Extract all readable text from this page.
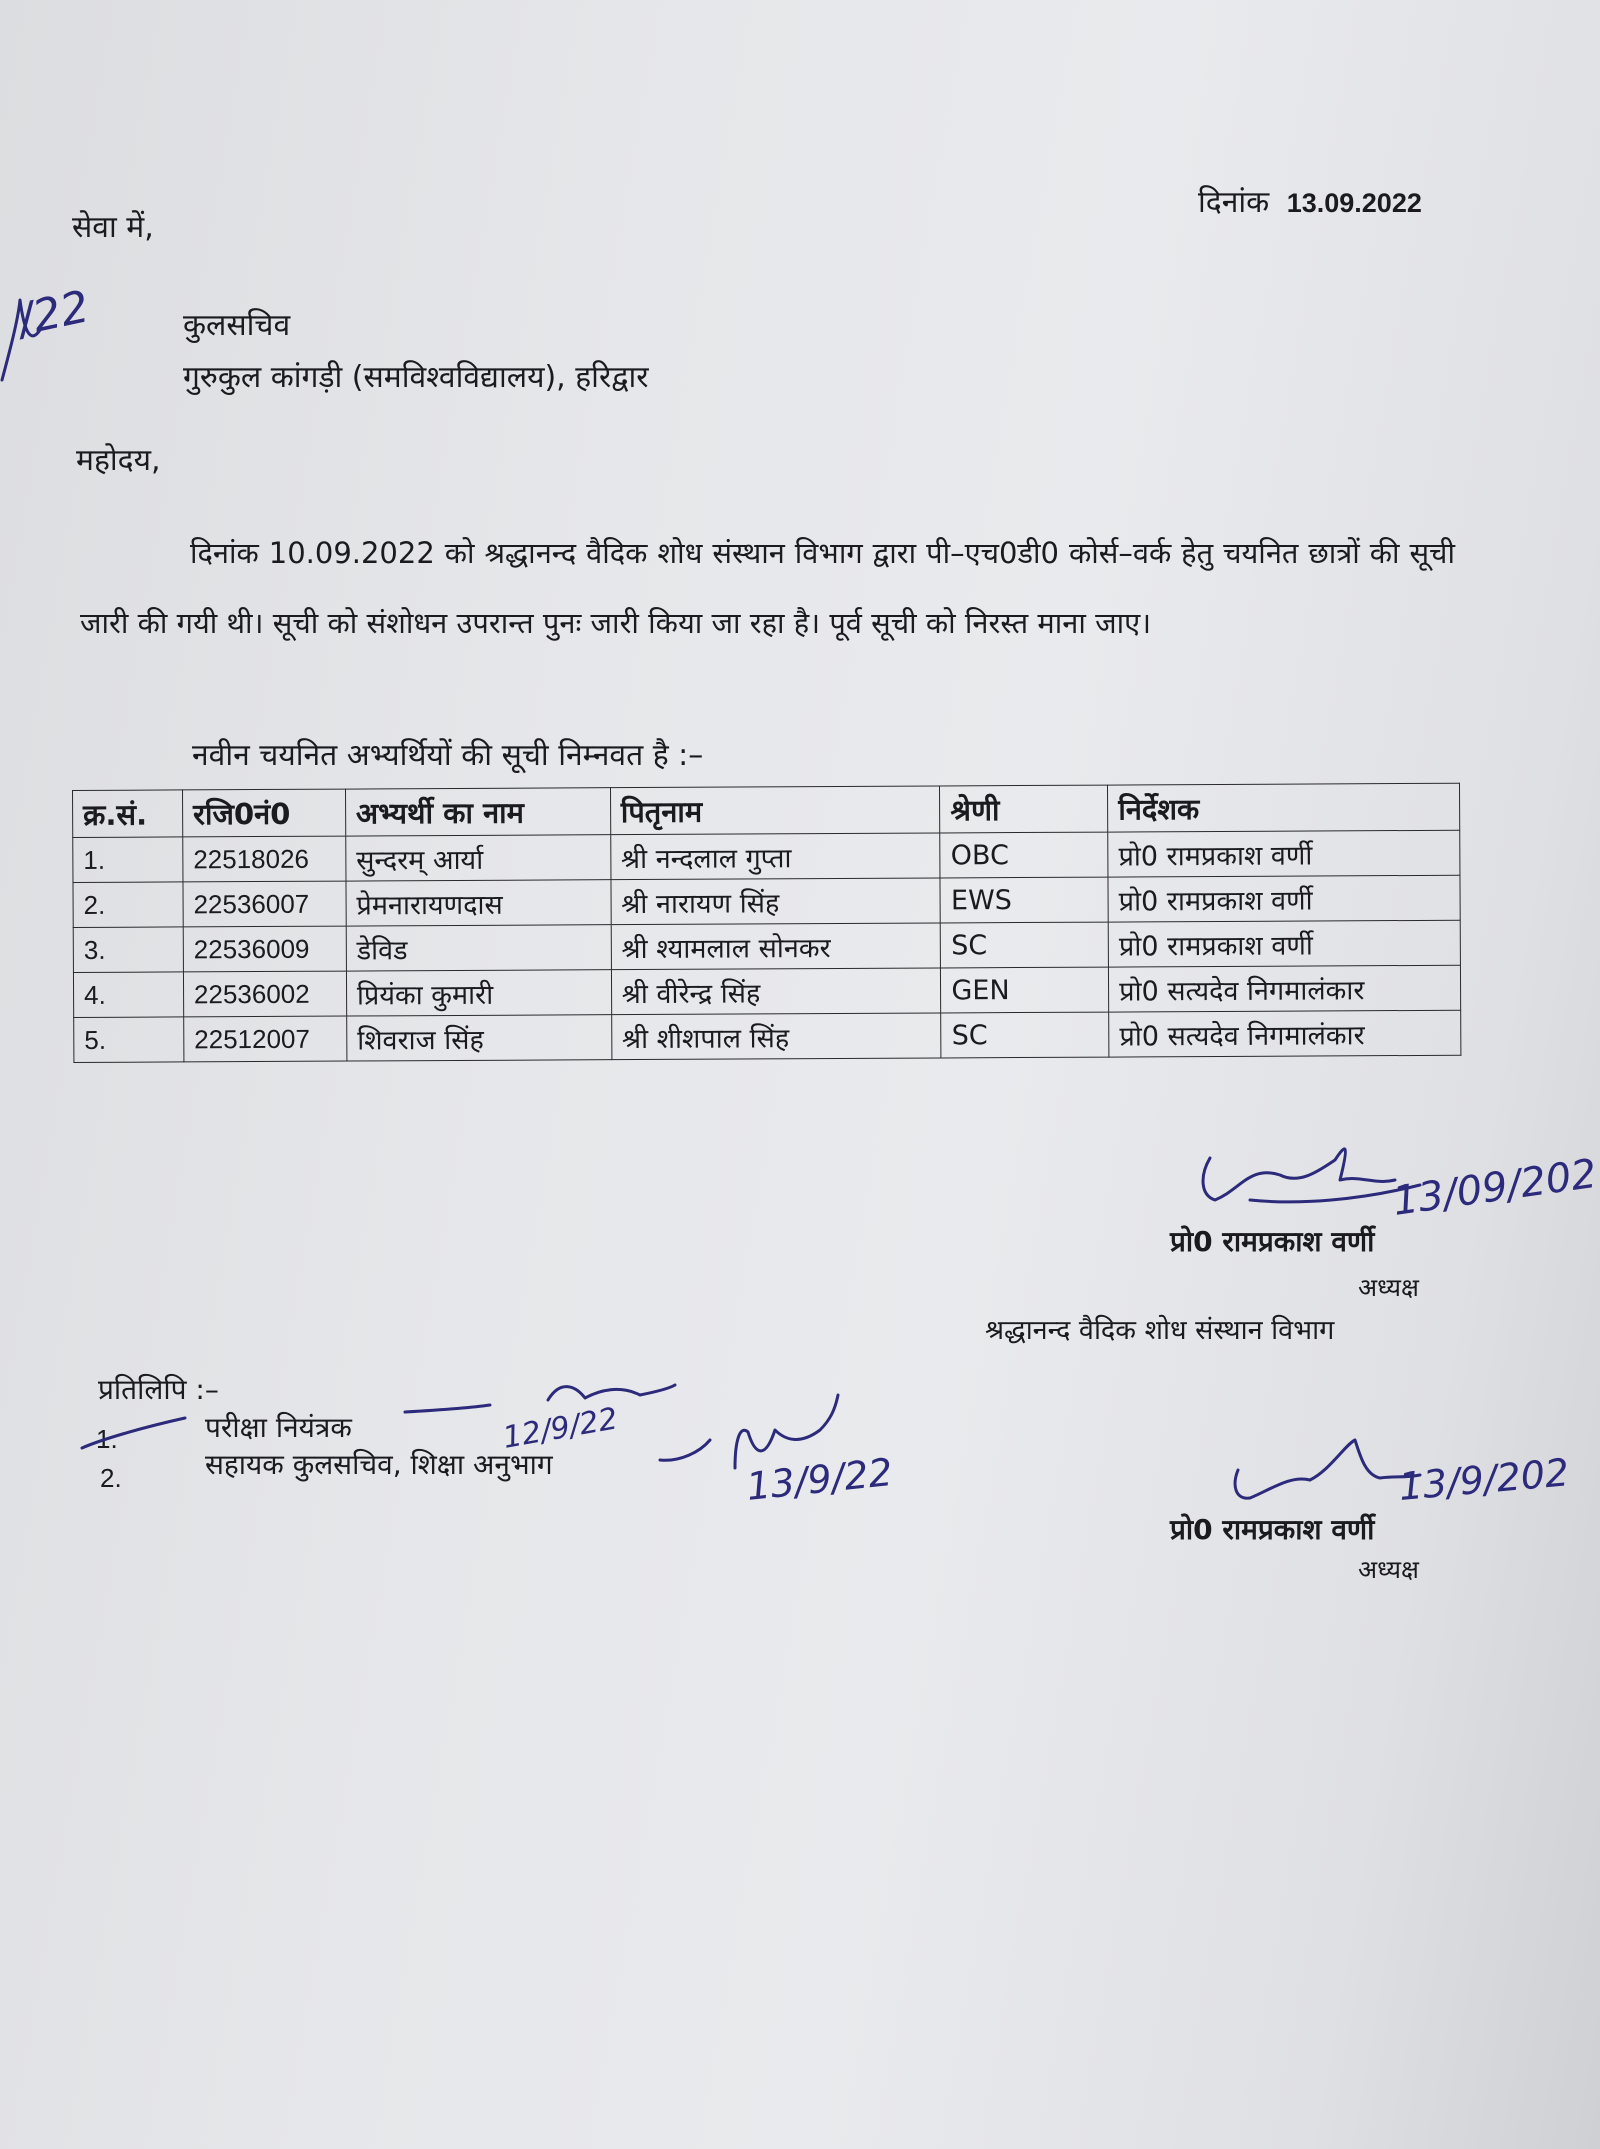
दिनांक 13.09.2022
सेवा में,
कुलसचिव
गुरुकुल कांगड़ी (समविश्वविद्यालय), हरिद्वार
महोदय,

दिनांक 10.09.2022 को श्रद्धानन्द वैदिक शोध संस्थान विभाग द्वारा पी–एच0डी0 कोर्स–वर्क हेतु चयनित छात्रों की सूची जारी की गयी थी। सूची को संशोधन उपरान्त पुनः जारी किया जा रहा है। पूर्व सूची को निरस्त माना जाए।

नवीन चयनित अभ्यर्थियों की सूची निम्नवत है :–
क्र.सं.	रजि0नं0	अभ्यर्थी का नाम	पितृनाम	श्रेणी	निर्देशक
1.	22518026	सुन्दरम् आर्या	श्री नन्दलाल गुप्ता	OBC	प्रो0 रामप्रकाश वर्णी
2.	22536007	प्रेमनारायणदास	श्री नारायण सिंह	EWS	प्रो0 रामप्रकाश वर्णी
3.	22536009	डेविड	श्री श्यामलाल सोनकर	SC	प्रो0 रामप्रकाश वर्णी
4.	22536002	प्रियंका कुमारी	श्री वीरेन्द्र सिंह	GEN	प्रो0 सत्यदेव निगमालंकार
5.	22512007	शिवराज सिंह	श्री शीशपाल सिंह	SC	प्रो0 सत्यदेव निगमालंकार
प्रो0 रामप्रकाश वर्णी
अध्यक्ष
श्रद्धानन्द वैदिक शोध संस्थान विभाग
प्रतिलिपि :–
1.	परीक्षा नियंत्रक
2.	सहायक कुलसचिव, शिक्षा अनुभाग
प्रो0 रामप्रकाश वर्णी
अध्यक्ष
/22
13/09/202
12/9/22
13/9/22	13/9/202
